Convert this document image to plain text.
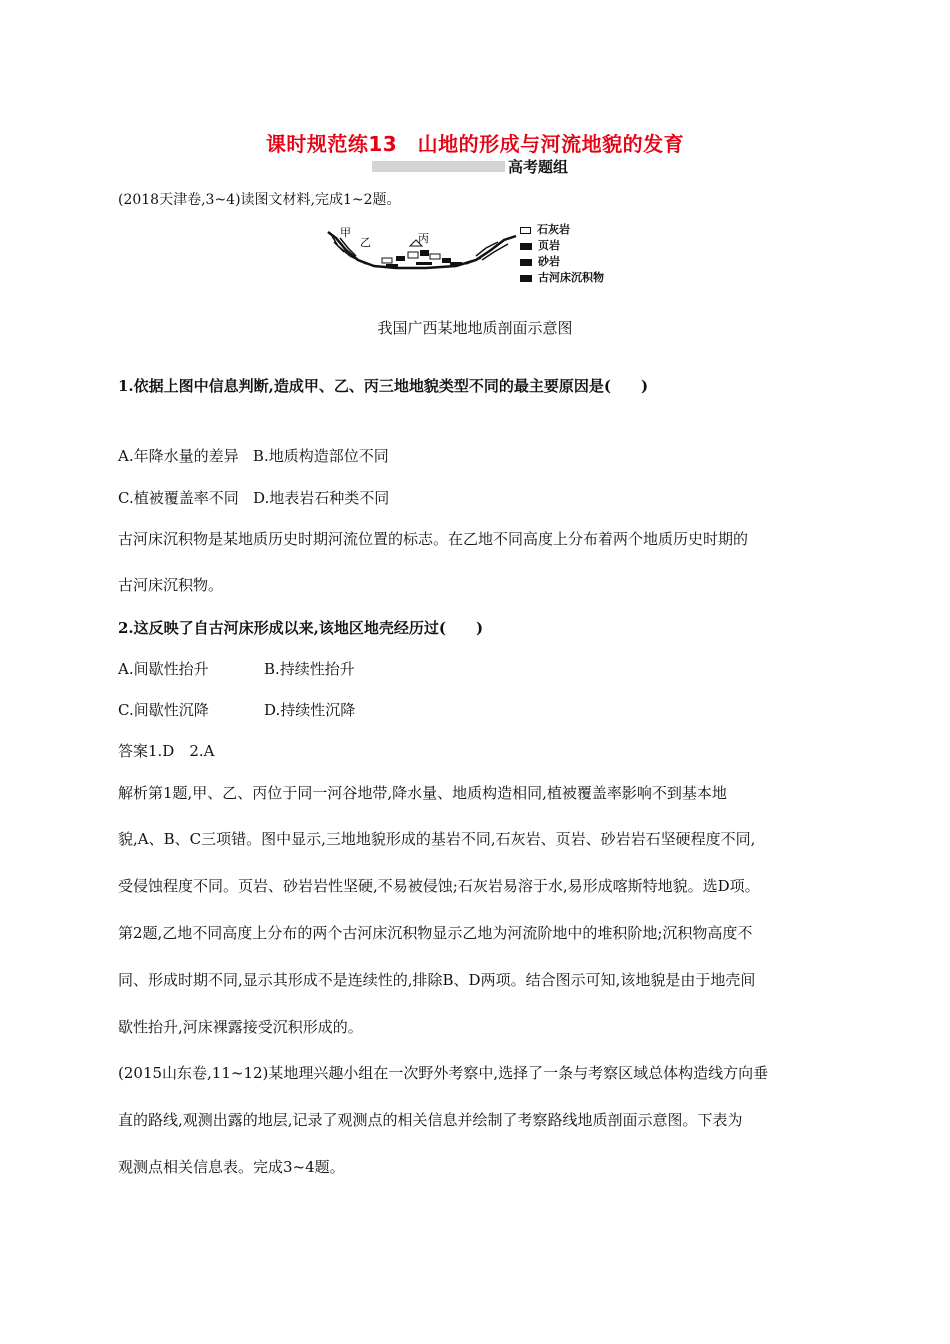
课时规范练13　山地的形成与河流地貌的发育
高考题组
(2018天津卷,3~4)读图文材料,完成1~2题。
甲
乙	丙
石灰岩
页岩
砂岩
古河床沉积物
我国广西某地地质剖面示意图
1.依据上图中信息判断,造成甲、乙、丙三地地貌类型不同的最主要原因是(　　)
A.年降水量的差异 B.地质构造部位不同
C.植被覆盖率不同 D.地表岩石种类不同
古河床沉积物是某地质历史时期河流位置的标志。在乙地不同高度上分布着两个地质历史时期的
古河床沉积物。
2.这反映了自古河床形成以来,该地区地壳经历过(　　)
A.间歇性抬升	B.持续性抬升
C.间歇性沉降	D.持续性沉降
答案1.D　2.A
解析第1题,甲、乙、丙位于同一河谷地带,降水量、地质构造相同,植被覆盖率影响不到基本地
貌,A、B、C三项错。图中显示,三地地貌形成的基岩不同,石灰岩、页岩、砂岩岩石坚硬程度不同,
受侵蚀程度不同。页岩、砂岩岩性坚硬,不易被侵蚀;石灰岩易溶于水,易形成喀斯特地貌。选D项。
第2题,乙地不同高度上分布的两个古河床沉积物显示乙地为河流阶地中的堆积阶地;沉积物高度不
同、形成时期不同,显示其形成不是连续性的,排除B、D两项。结合图示可知,该地貌是由于地壳间
歇性抬升,河床裸露接受沉积形成的。
(2015山东卷,11~12)某地理兴趣小组在一次野外考察中,选择了一条与考察区域总体构造线方向垂
直的路线,观测出露的地层,记录了观测点的相关信息并绘制了考察路线地质剖面示意图。下表为
观测点相关信息表。完成3~4题。
